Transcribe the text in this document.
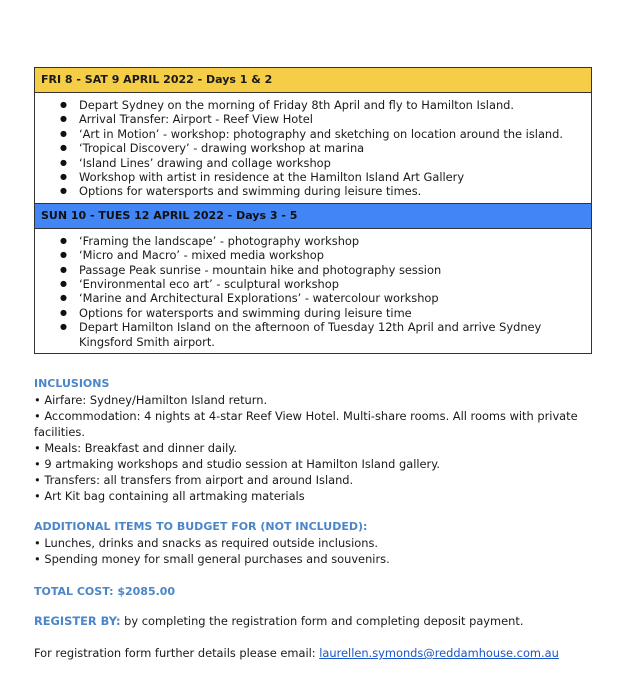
FRI 8 - SAT 9 APRIL 2022 - Days 1 & 2
● Depart Sydney on the morning of Friday 8th April and fly to Hamilton Island.
● Arrival Transfer: Airport - Reef View Hotel
● ‘Art in Motion’ - workshop: photography and sketching on location around the island.
● ‘Tropical Discovery’ - drawing workshop at marina
● ‘Island Lines’ drawing and collage workshop
● Workshop with artist in residence at the Hamilton Island Art Gallery
● Options for watersports and swimming during leisure times.
SUN 10 - TUES 12 APRIL 2022 - Days 3 - 5
● ‘Framing the landscape’ - photography workshop
● ‘Micro and Macro’ - mixed media workshop
● Passage Peak sunrise - mountain hike and photography session
● ‘Environmental eco art’ - sculptural workshop
● ‘Marine and Architectural Explorations’ - watercolour workshop
● Options for watersports and swimming during leisure time
● Depart Hamilton Island on the afternoon of Tuesday 12th April and arrive Sydney Kingsford Smith airport.
INCLUSIONS
• Airfare: Sydney/Hamilton Island return.
• Accommodation: 4 nights at 4-star Reef View Hotel. Multi-share rooms. All rooms with private facilities.
• Meals: Breakfast and dinner daily.
• 9 artmaking workshops and studio session at Hamilton Island gallery.
• Transfers: all transfers from airport and around Island.
• Art Kit bag containing all artmaking materials
ADDITIONAL ITEMS TO BUDGET FOR (NOT INCLUDED):
• Lunches, drinks and snacks as required outside inclusions.
• Spending money for small general purchases and souvenirs.
TOTAL COST: $2085.00
REGISTER BY: by completing the registration form and completing deposit payment.
For registration form further details please email: laurellen.symonds@reddamhouse.com.au
